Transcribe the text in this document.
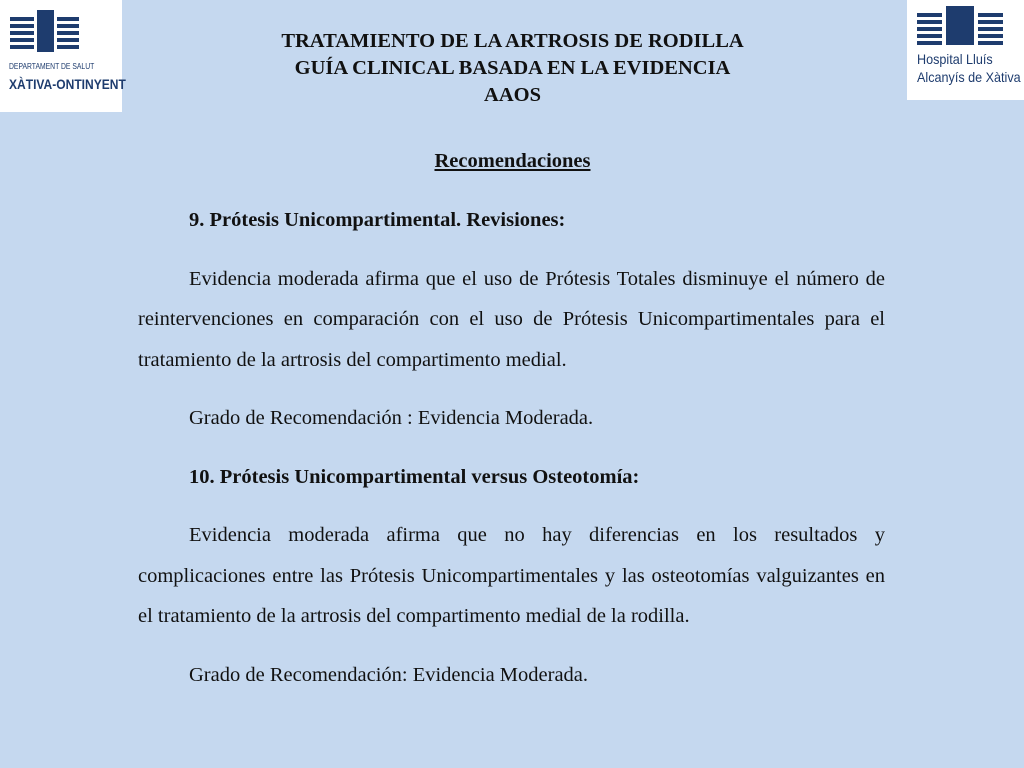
DEPARTAMENT DE SALUT
XÀTIVA-ONTINYENT
Hospital Lluís
Alcanyís de Xàtiva
TRATAMIENTO DE LA ARTROSIS DE RODILLA
GUÍA CLINICAL BASADA EN LA EVIDENCIA
AAOS
Recomendaciones

9. Prótesis Unicompartimental. Revisiones:

Evidencia moderada afirma que el uso de Prótesis Totales disminuye el número de reintervenciones en comparación con el uso de Prótesis Unicompartimentales para el tratamiento de la artrosis del compartimento medial.

Grado de Recomendación : Evidencia Moderada.

10. Prótesis Unicompartimental versus Osteotomía:

Evidencia moderada afirma que no hay diferencias en los resultados y complicaciones entre las Prótesis Unicompartimentales y las osteotomías valguizantes en el tratamiento de la artrosis del compartimento medial de la rodilla.

Grado de Recomendación: Evidencia Moderada.
